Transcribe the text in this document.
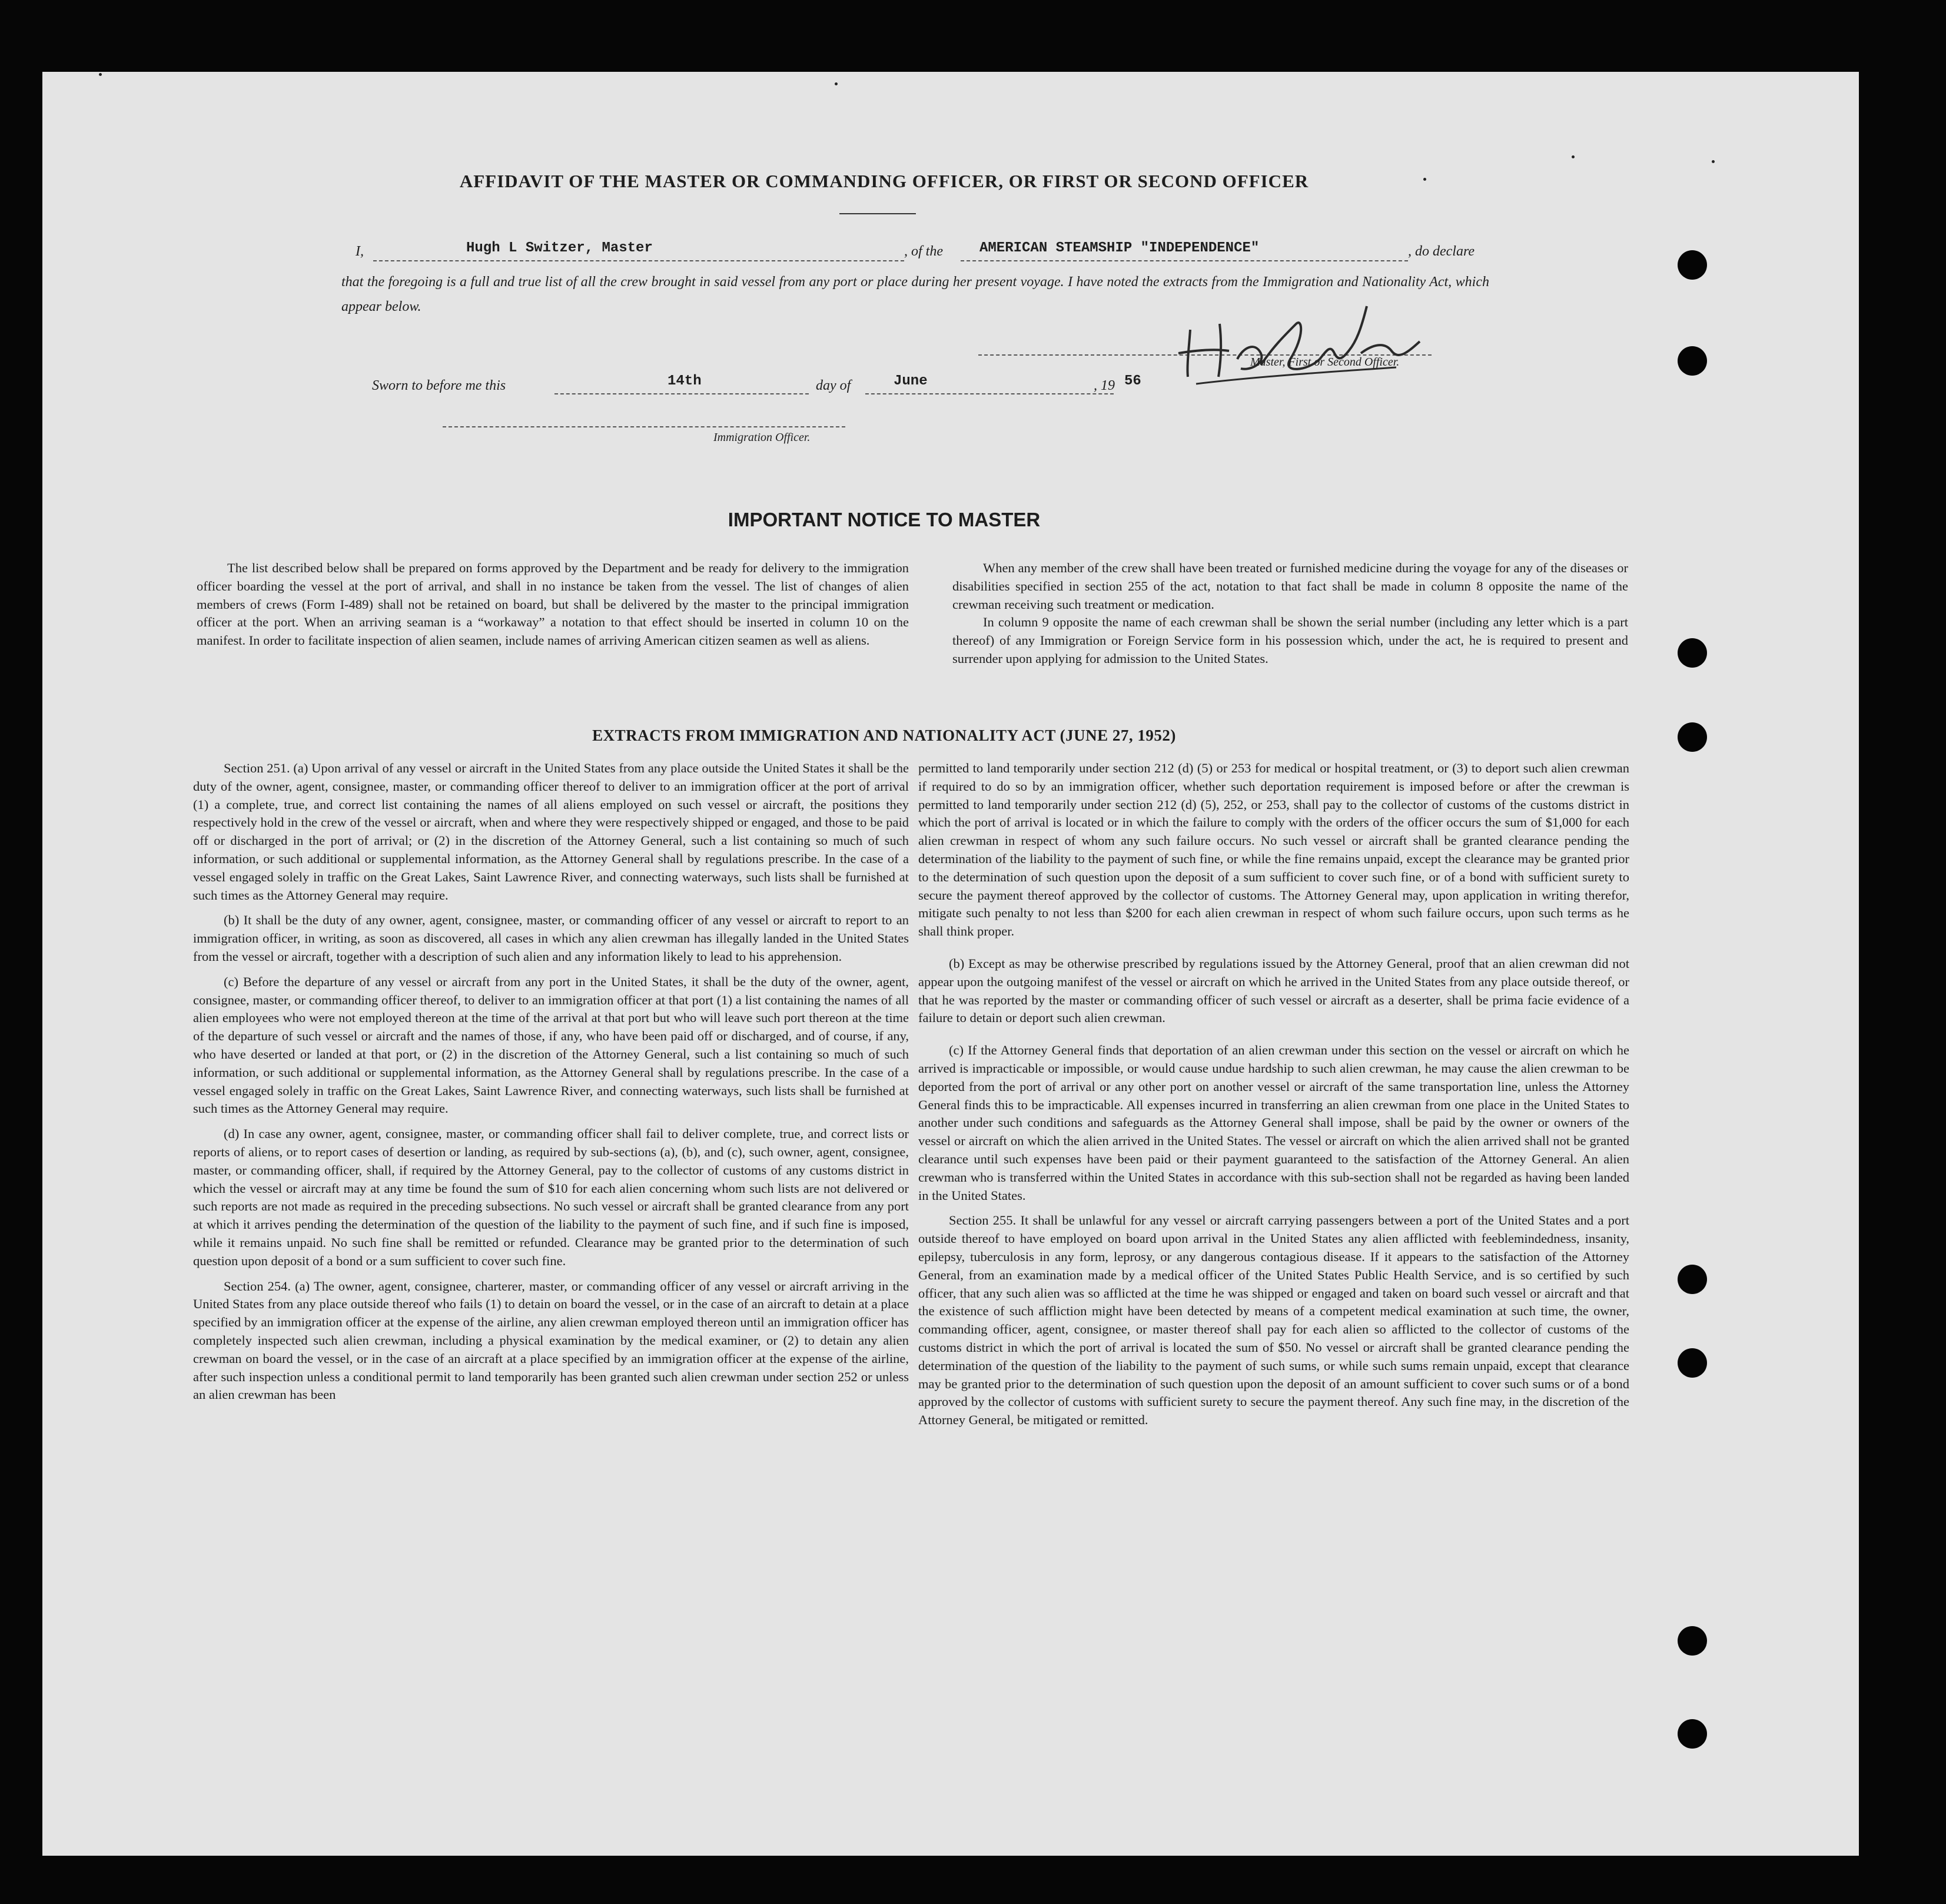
AFFIDAVIT OF THE MASTER OR COMMANDING OFFICER, OR FIRST OR SECOND OFFICER
I,	Hugh L Switzer, Master	, of the	AMERICAN STEAMSHIP "INDEPENDENCE"	, do declare

that the foregoing is a full and true list of all the crew brought in said vessel from any port or place during her present voyage. I have noted the extracts from the Immigration and Nationality Act, which appear below.

Master, First or Second Officer.
Sworn to before me this	14th	day of	June	, 19 56
Immigration Officer.
IMPORTANT NOTICE TO MASTER

The list described below shall be prepared on forms approved by the Department and be ready for delivery to the immigration officer boarding the vessel at the port of arrival, and shall in no instance be taken from the vessel. The list of changes of alien members of crews (Form I-489) shall not be retained on board, but shall be delivered by the master to the principal immigration officer at the port. When an arriving seaman is a “workaway” a notation to that effect should be inserted in column 10 on the manifest. In order to facilitate inspection of alien seamen, include names of arriving American citizen seamen as well as aliens.

When any member of the crew shall have been treated or furnished medicine during the voyage for any of the diseases or disabilities specified in section 255 of the act, notation to that fact shall be made in column 8 opposite the name of the crewman receiving such treatment or medication.

In column 9 opposite the name of each crewman shall be shown the serial number (including any letter which is a part thereof) of any Immigration or Foreign Service form in his possession which, under the act, he is required to present and surrender upon applying for admission to the United States.

EXTRACTS FROM IMMIGRATION AND NATIONALITY ACT (JUNE 27, 1952)

Section 251. (a) Upon arrival of any vessel or aircraft in the United States from any place outside the United States it shall be the duty of the owner, agent, consignee, master, or commanding officer thereof to deliver to an immigration officer at the port of arrival (1) a complete, true, and correct list containing the names of all aliens employed on such vessel or aircraft, the positions they respectively hold in the crew of the vessel or aircraft, when and where they were respectively shipped or engaged, and those to be paid off or discharged in the port of arrival; or (2) in the discretion of the Attorney General, such a list containing so much of such information, or such additional or supplemental information, as the Attorney General shall by regulations prescribe. In the case of a vessel engaged solely in traffic on the Great Lakes, Saint Lawrence River, and connecting waterways, such lists shall be furnished at such times as the Attorney General may require.

(b) It shall be the duty of any owner, agent, consignee, master, or commanding officer of any vessel or aircraft to report to an immigration officer, in writing, as soon as discovered, all cases in which any alien crewman has illegally landed in the United States from the vessel or aircraft, together with a description of such alien and any information likely to lead to his apprehension.

(c) Before the departure of any vessel or aircraft from any port in the United States, it shall be the duty of the owner, agent, consignee, master, or commanding officer thereof, to deliver to an immigration officer at that port (1) a list containing the names of all alien employees who were not employed thereon at the time of the arrival at that port but who will leave such port thereon at the time of the departure of such vessel or aircraft and the names of those, if any, who have been paid off or discharged, and of course, if any, who have deserted or landed at that port, or (2) in the discretion of the Attorney General, such a list containing so much of such information, or such additional or supplemental information, as the Attorney General shall by regulations prescribe. In the case of a vessel engaged solely in traffic on the Great Lakes, Saint Lawrence River, and connecting waterways, such lists shall be furnished at such times as the Attorney General may require.

(d) In case any owner, agent, consignee, master, or commanding officer shall fail to deliver complete, true, and correct lists or reports of aliens, or to report cases of desertion or landing, as required by sub-sections (a), (b), and (c), such owner, agent, consignee, master, or commanding officer, shall, if required by the Attorney General, pay to the collector of customs of any customs district in which the vessel or aircraft may at any time be found the sum of $10 for each alien concerning whom such lists are not delivered or such reports are not made as required in the preceding subsections. No such vessel or aircraft shall be granted clearance from any port at which it arrives pending the determination of the question of the liability to the payment of such fine, and if such fine is imposed, while it remains unpaid. No such fine shall be remitted or refunded. Clearance may be granted prior to the determination of such question upon deposit of a bond or a sum sufficient to cover such fine.

Section 254. (a) The owner, agent, consignee, charterer, master, or commanding officer of any vessel or aircraft arriving in the United States from any place outside thereof who fails (1) to detain on board the vessel, or in the case of an aircraft to detain at a place specified by an immigration officer at the expense of the airline, any alien crewman employed thereon until an immigration officer has completely inspected such alien crewman, including a physical examination by the medical examiner, or (2) to detain any alien crewman on board the vessel, or in the case of an aircraft at a place specified by an immigration officer at the expense of the airline, after such inspection unless a conditional permit to land temporarily has been granted such alien crewman under section 252 or unless an alien crewman has been

permitted to land temporarily under section 212 (d) (5) or 253 for medical or hospital treatment, or (3) to deport such alien crewman if required to do so by an immigration officer, whether such deportation requirement is imposed before or after the crewman is permitted to land temporarily under section 212 (d) (5), 252, or 253, shall pay to the collector of customs of the customs district in which the port of arrival is located or in which the failure to comply with the orders of the officer occurs the sum of $1,000 for each alien crewman in respect of whom any such failure occurs. No such vessel or aircraft shall be granted clearance pending the determination of the liability to the payment of such fine, or while the fine remains unpaid, except the clearance may be granted prior to the determination of such question upon the deposit of a sum sufficient to cover such fine, or of a bond with sufficient surety to secure the payment thereof approved by the collector of customs. The Attorney General may, upon application in writing therefor, mitigate such penalty to not less than $200 for each alien crewman in respect of whom such failure occurs, upon such terms as he shall think proper.

(b) Except as may be otherwise prescribed by regulations issued by the Attorney General, proof that an alien crewman did not appear upon the outgoing manifest of the vessel or aircraft on which he arrived in the United States from any place outside thereof, or that he was reported by the master or commanding officer of such vessel or aircraft as a deserter, shall be prima facie evidence of a failure to detain or deport such alien crewman.

(c) If the Attorney General finds that deportation of an alien crewman under this section on the vessel or aircraft on which he arrived is impracticable or impossible, or would cause undue hardship to such alien crewman, he may cause the alien crewman to be deported from the port of arrival or any other port on another vessel or aircraft of the same transportation line, unless the Attorney General finds this to be impracticable. All expenses incurred in transferring an alien crewman from one place in the United States to another under such conditions and safeguards as the Attorney General shall impose, shall be paid by the owner or owners of the vessel or aircraft on which the alien arrived in the United States. The vessel or aircraft on which the alien arrived shall not be granted clearance until such expenses have been paid or their payment guaranteed to the satisfaction of the Attorney General. An alien crewman who is transferred within the United States in accordance with this sub-section shall not be regarded as having been landed in the United States.

Section 255. It shall be unlawful for any vessel or aircraft carrying passengers between a port of the United States and a port outside thereof to have employed on board upon arrival in the United States any alien afflicted with feeblemindedness, insanity, epilepsy, tuberculosis in any form, leprosy, or any dangerous contagious disease. If it appears to the satisfaction of the Attorney General, from an examination made by a medical officer of the United States Public Health Service, and is so certified by such officer, that any such alien was so afflicted at the time he was shipped or engaged and taken on board such vessel or aircraft and that the existence of such affliction might have been detected by means of a competent medical examination at such time, the owner, commanding officer, agent, consignee, or master thereof shall pay for each alien so afflicted to the collector of customs of the customs district in which the port of arrival is located the sum of $50. No vessel or aircraft shall be granted clearance pending the determination of the question of the liability to the payment of such sums, or while such sums remain unpaid, except that clearance may be granted prior to the determination of such question upon the deposit of an amount sufficient to cover such sums or of a bond approved by the collector of customs with sufficient surety to secure the payment thereof. Any such fine may, in the discretion of the Attorney General, be mitigated or remitted.
